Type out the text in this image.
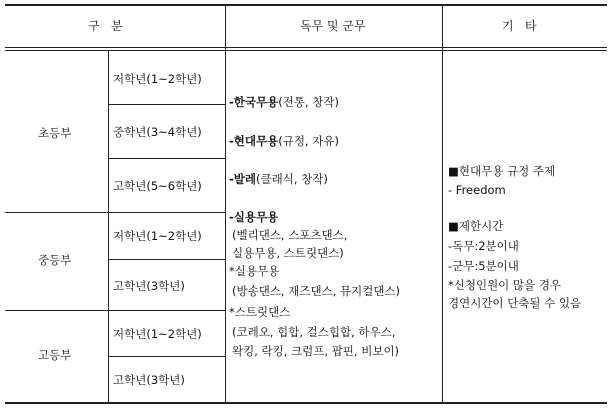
구   분	독무 및 군무	기   타
초등부
중등부
고등부
저학년(1~2학년)
중학년(3~4학년)
고학년(5~6학년)
저학년(1~2학년)
고학년(3학년)
저학년(1~2학년)
고학년(3학년)
-한국무용(전통, 창작)
-현대무용(규정, 자유)
-발레(클래식, 창작)
-실용무용
(벨리댄스, 스포츠댄스,
실용무용, 스트릿댄스)
*실용무용
(방송댄스, 재즈댄스, 뮤지컬댄스)
*스트릿댄스
(코레오, 힙합, 걸스힙합, 하우스,
왁킹, 락킹, 크럼프, 팝핀, 비보이)
■현대무용 규정 주제
- Freedom
■제한시간
-독무:2분이내
-군무:5분이내
*신청인원이 많을 경우
경연시간이 단축될 수 있음
